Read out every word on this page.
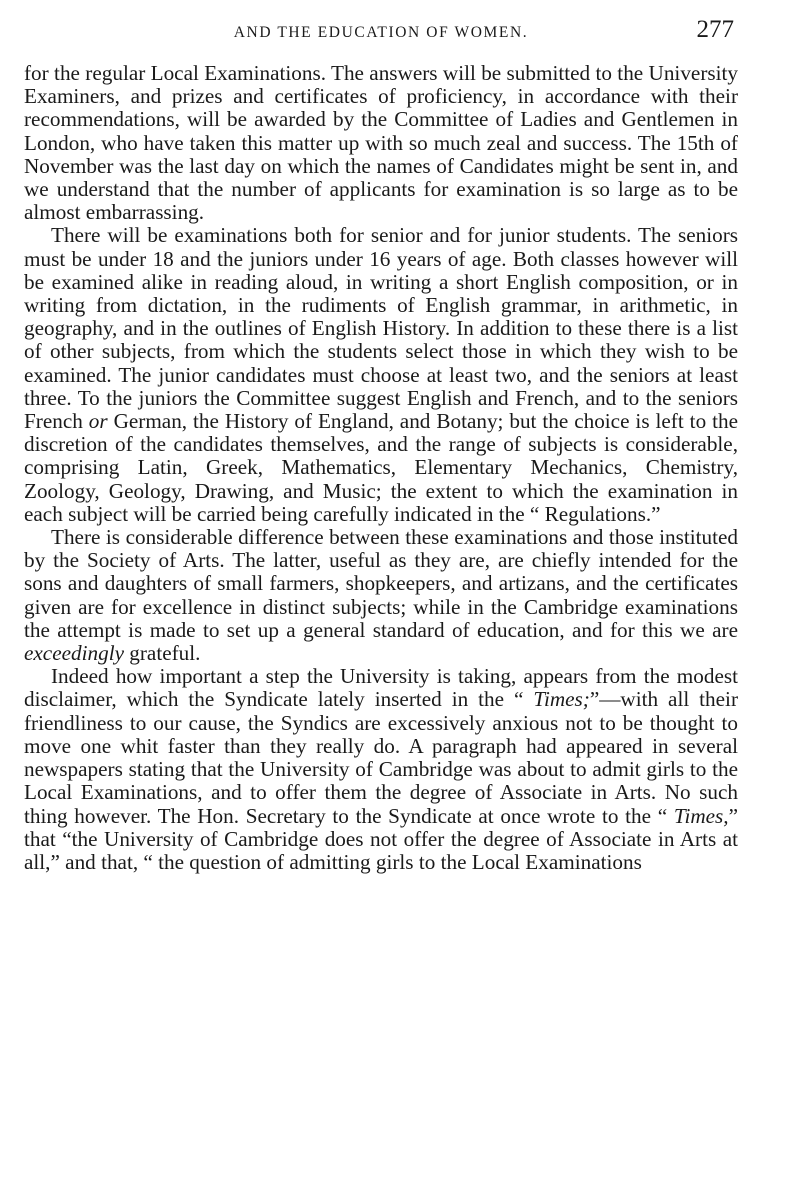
AND THE EDUCATION OF WOMEN.	277

for the regular Local Examinations. The answers will be submitted to the University Examiners, and prizes and certificates of proficiency, in accordance with their recommendations, will be awarded by the Committee of Ladies and Gentlemen in London, who have taken this matter up with so much zeal and success. The 15th of November was the last day on which the names of Candidates might be sent in, and we understand that the number of applicants for examination is so large as to be almost embarrassing.

There will be examinations both for senior and for junior students. The seniors must be under 18 and the juniors under 16 years of age. Both classes however will be examined alike in reading aloud, in writing a short English composition, or in writing from dictation, in the rudiments of English grammar, in arithmetic, in geography, and in the outlines of English History. In addition to these there is a list of other subjects, from which the students select those in which they wish to be examined. The junior candidates must choose at least two, and the seniors at least three. To the juniors the Committee suggest English and French, and to the seniors French or German, the History of England, and Botany; but the choice is left to the discretion of the candidates themselves, and the range of subjects is considerable, comprising Latin, Greek, Mathematics, Elementary Mechanics, Chemistry, Zoology, Geology, Drawing, and Music; the extent to which the examination in each subject will be carried being carefully indicated in the “ Regulations.”

There is considerable difference between these examinations and those instituted by the Society of Arts. The latter, useful as they are, are chiefly intended for the sons and daughters of small farmers, shopkeepers, and artizans, and the certificates given are for excellence in distinct subjects; while in the Cambridge examinations the attempt is made to set up a general standard of education, and for this we are exceedingly grateful.

Indeed how important a step the University is taking, appears from the modest disclaimer, which the Syndicate lately inserted in the “ Times;”—with all their friendliness to our cause, the Syndics are excessively anxious not to be thought to move one whit faster than they really do. A paragraph had appeared in several newspapers stating that the University of Cambridge was about to admit girls to the Local Examinations, and to offer them the degree of Associate in Arts. No such thing however. The Hon. Secretary to the Syndicate at once wrote to the “ Times,” that “the University of Cambridge does not offer the degree of Associate in Arts at all,” and that, “ the question of admitting girls to the Local Examinations
